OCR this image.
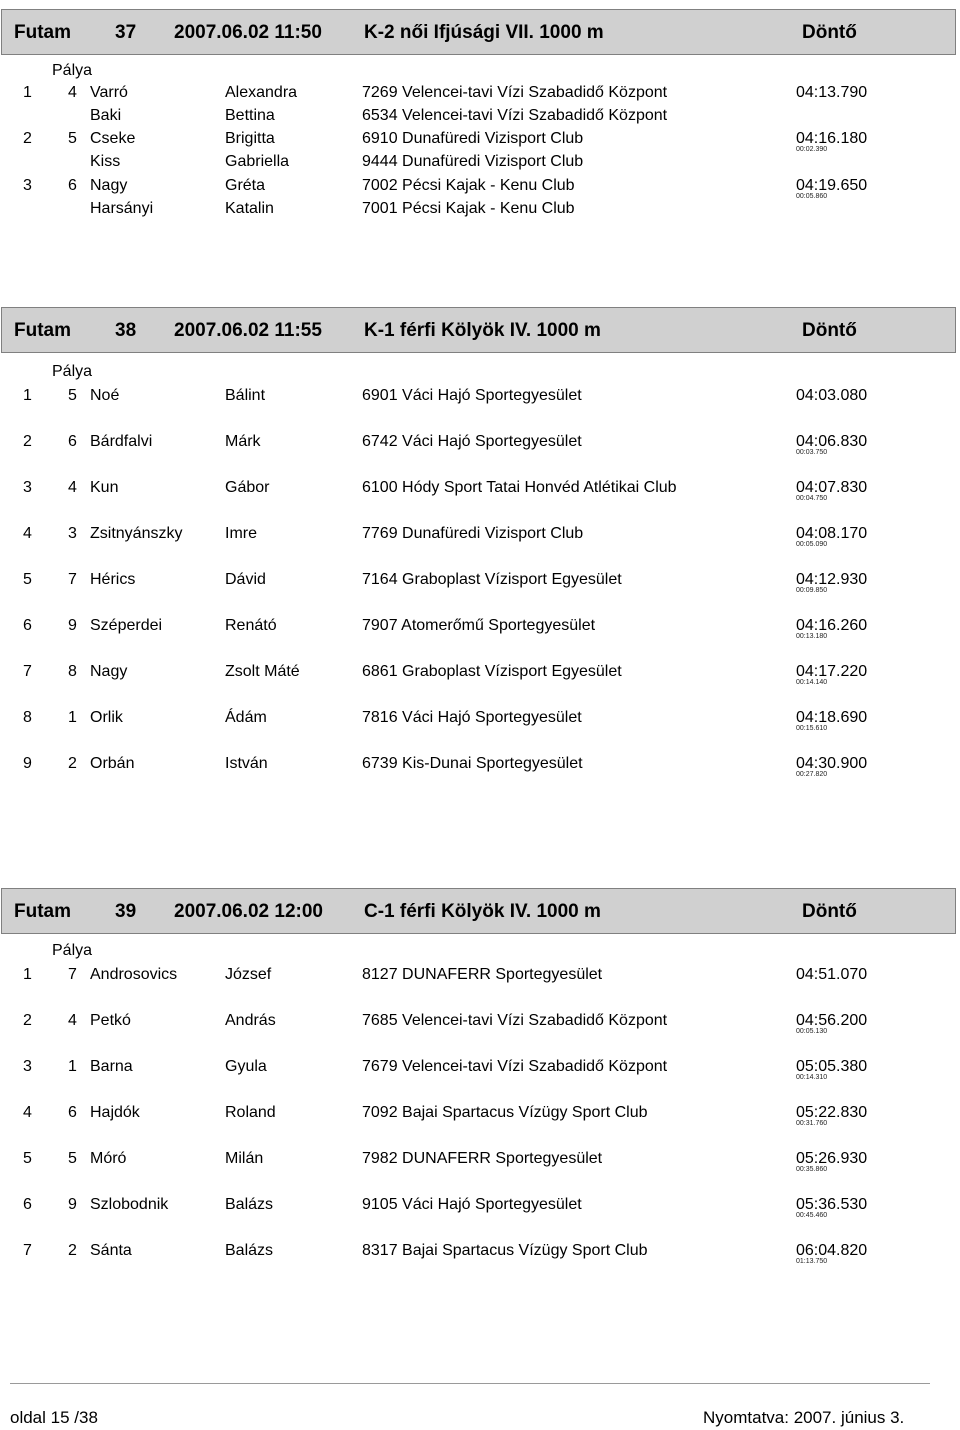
Futam 37 2007.06.02 11:50 K-2 női Ifjúsági VII. 1000 m	Döntő
Pálya
1 4 Varró	Alexandra	7269 Velencei-tavi Vízi Szabadidő Központ	04:13.790
Baki	Bettina	6534 Velencei-tavi Vízi Szabadidő Központ
2 5 Cseke	Brigitta	6910 Dunafüredi Vizisport Club	04:16.180
00:02.390
Kiss	Gabriella	9444 Dunafüredi Vizisport Club
3 6 Nagy	Gréta	7002 Pécsi Kajak - Kenu Club	04:19.650
00:05.860
Harsányi	Katalin	7001 Pécsi Kajak - Kenu Club
Futam 38 2007.06.02 11:55 K-1 férfi Kölyök IV. 1000 m	Döntő
Pálya
1 5 Noé	Bálint	6901 Váci Hajó Sportegyesület	04:03.080
2 6 Bárdfalvi	Márk	6742 Váci Hajó Sportegyesület	04:06.830
00:03.750
3 4 Kun	Gábor	6100 Hódy Sport Tatai Honvéd Atlétikai Club	04:07.830
00:04.750
4 3 Zsitnyánszky	Imre	7769 Dunafüredi Vizisport Club	04:08.170
00:05.090
5 7 Hérics	Dávid	7164 Graboplast Vízisport Egyesület	04:12.930
00:09.850
6 9 Széperdei	Renátó	7907 Atomerőmű Sportegyesület	04:16.260
00:13.180
7 8 Nagy	Zsolt Máté	6861 Graboplast Vízisport Egyesület	04:17.220
00:14.140
8 1 Orlik	Ádám	7816 Váci Hajó Sportegyesület	04:18.690
00:15.610
9 2 Orbán	István	6739 Kis-Dunai Sportegyesület	04:30.900
00:27.820
Futam 39 2007.06.02 12:00 C-1 férfi Kölyök IV. 1000 m	Döntő
Pálya
1 7 Androsovics	József	8127 DUNAFERR Sportegyesület	04:51.070
2 4 Petkó	András	7685 Velencei-tavi Vízi Szabadidő Központ	04:56.200
00:05.130
3 1 Barna	Gyula	7679 Velencei-tavi Vízi Szabadidő Központ	05:05.380
00:14.310
4 6 Hajdók	Roland	7092 Bajai Spartacus Vízügy Sport Club	05:22.830
00:31.760
5 5 Móró	Milán	7982 DUNAFERR Sportegyesület	05:26.930
00:35.860
6 9 Szlobodnik	Balázs	9105 Váci Hajó Sportegyesület	05:36.530
00:45.460
7 2 Sánta	Balázs	8317 Bajai Spartacus Vízügy Sport Club	06:04.820
01:13.750
oldal 15 /38	Nyomtatva: 2007. június 3.
